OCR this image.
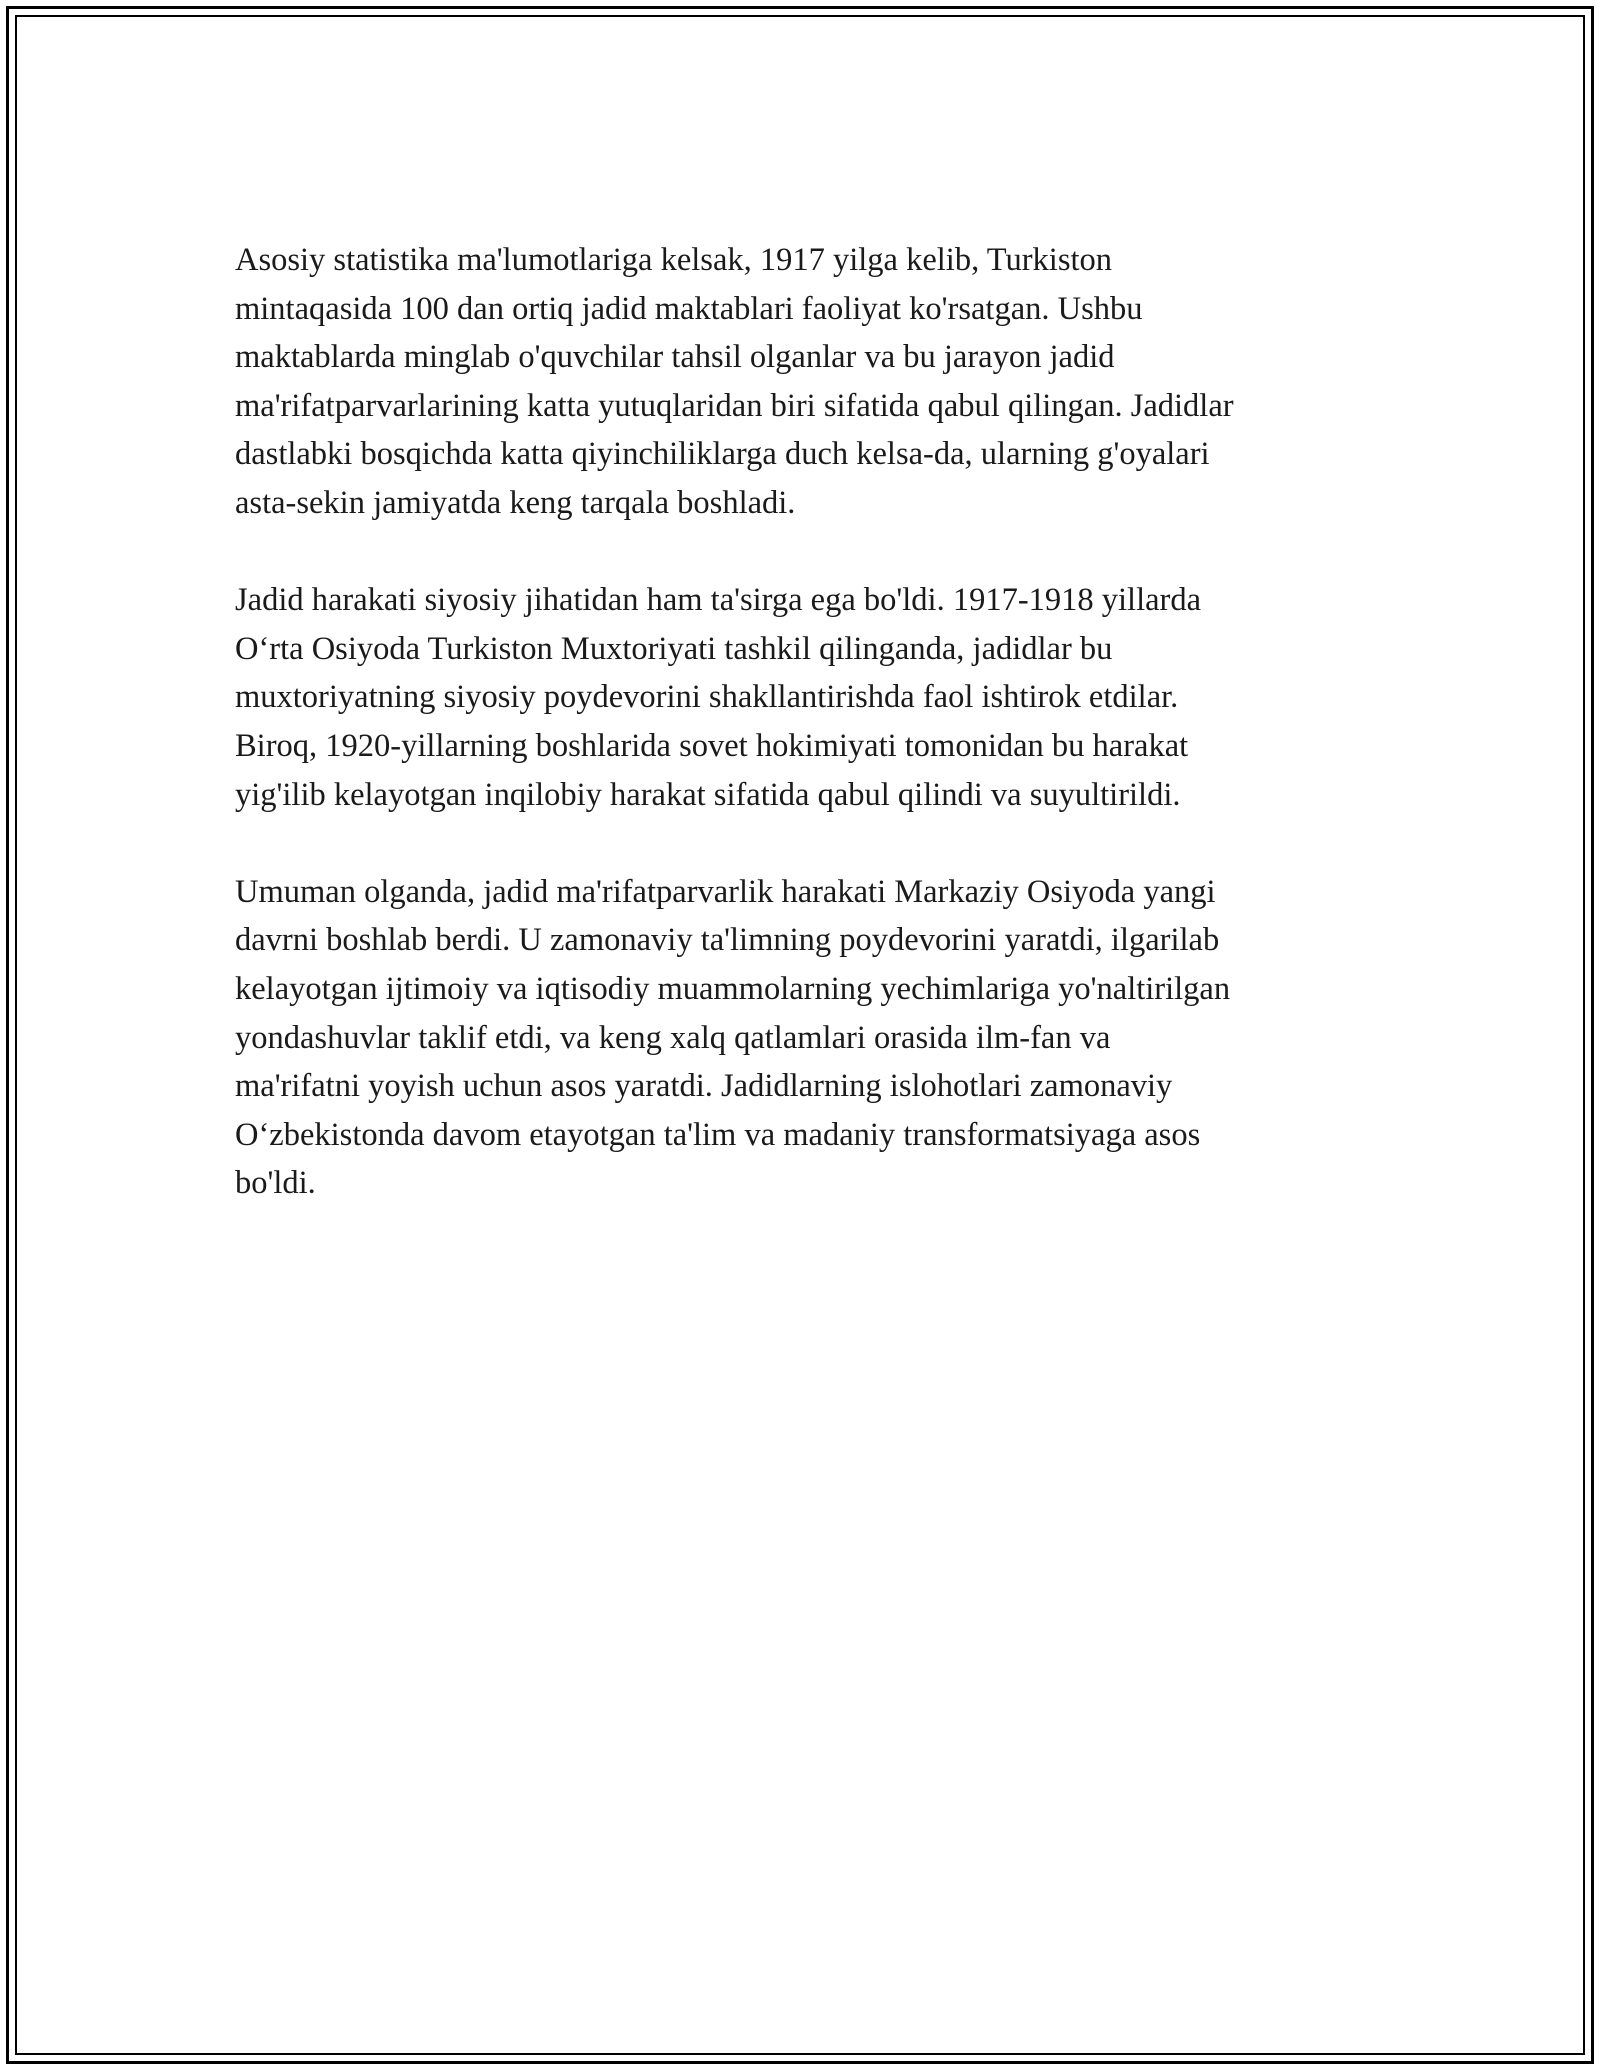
Asosiy statistika ma'lumotlariga kelsak, 1917 yilga kelib, Turkiston
mintaqasida 100 dan ortiq jadid maktablari faoliyat ko'rsatgan. Ushbu
maktablarda minglab o'quvchilar tahsil olganlar va bu jarayon jadid
ma'rifatparvarlarining katta yutuqlaridan biri sifatida qabul qilingan. Jadidlar
dastlabki bosqichda katta qiyinchiliklarga duch kelsa-da, ularning g'oyalari
asta-sekin jamiyatda keng tarqala boshladi.

Jadid harakati siyosiy jihatidan ham ta'sirga ega bo'ldi. 1917-1918 yillarda
O‘rta Osiyoda Turkiston Muxtoriyati tashkil qilinganda, jadidlar bu
muxtoriyatning siyosiy poydevorini shakllantirishda faol ishtirok etdilar.
Biroq, 1920-yillarning boshlarida sovet hokimiyati tomonidan bu harakat
yig'ilib kelayotgan inqilobiy harakat sifatida qabul qilindi va suyultirildi.

Umuman olganda, jadid ma'rifatparvarlik harakati Markaziy Osiyoda yangi
davrni boshlab berdi. U zamonaviy ta'limning poydevorini yaratdi, ilgarilab
kelayotgan ijtimoiy va iqtisodiy muammolarning yechimlariga yo'naltirilgan
yondashuvlar taklif etdi, va keng xalq qatlamlari orasida ilm-fan va
ma'rifatni yoyish uchun asos yaratdi. Jadidlarning islohotlari zamonaviy
O‘zbekistonda davom etayotgan ta'lim va madaniy transformatsiyaga asos
bo'ldi.
